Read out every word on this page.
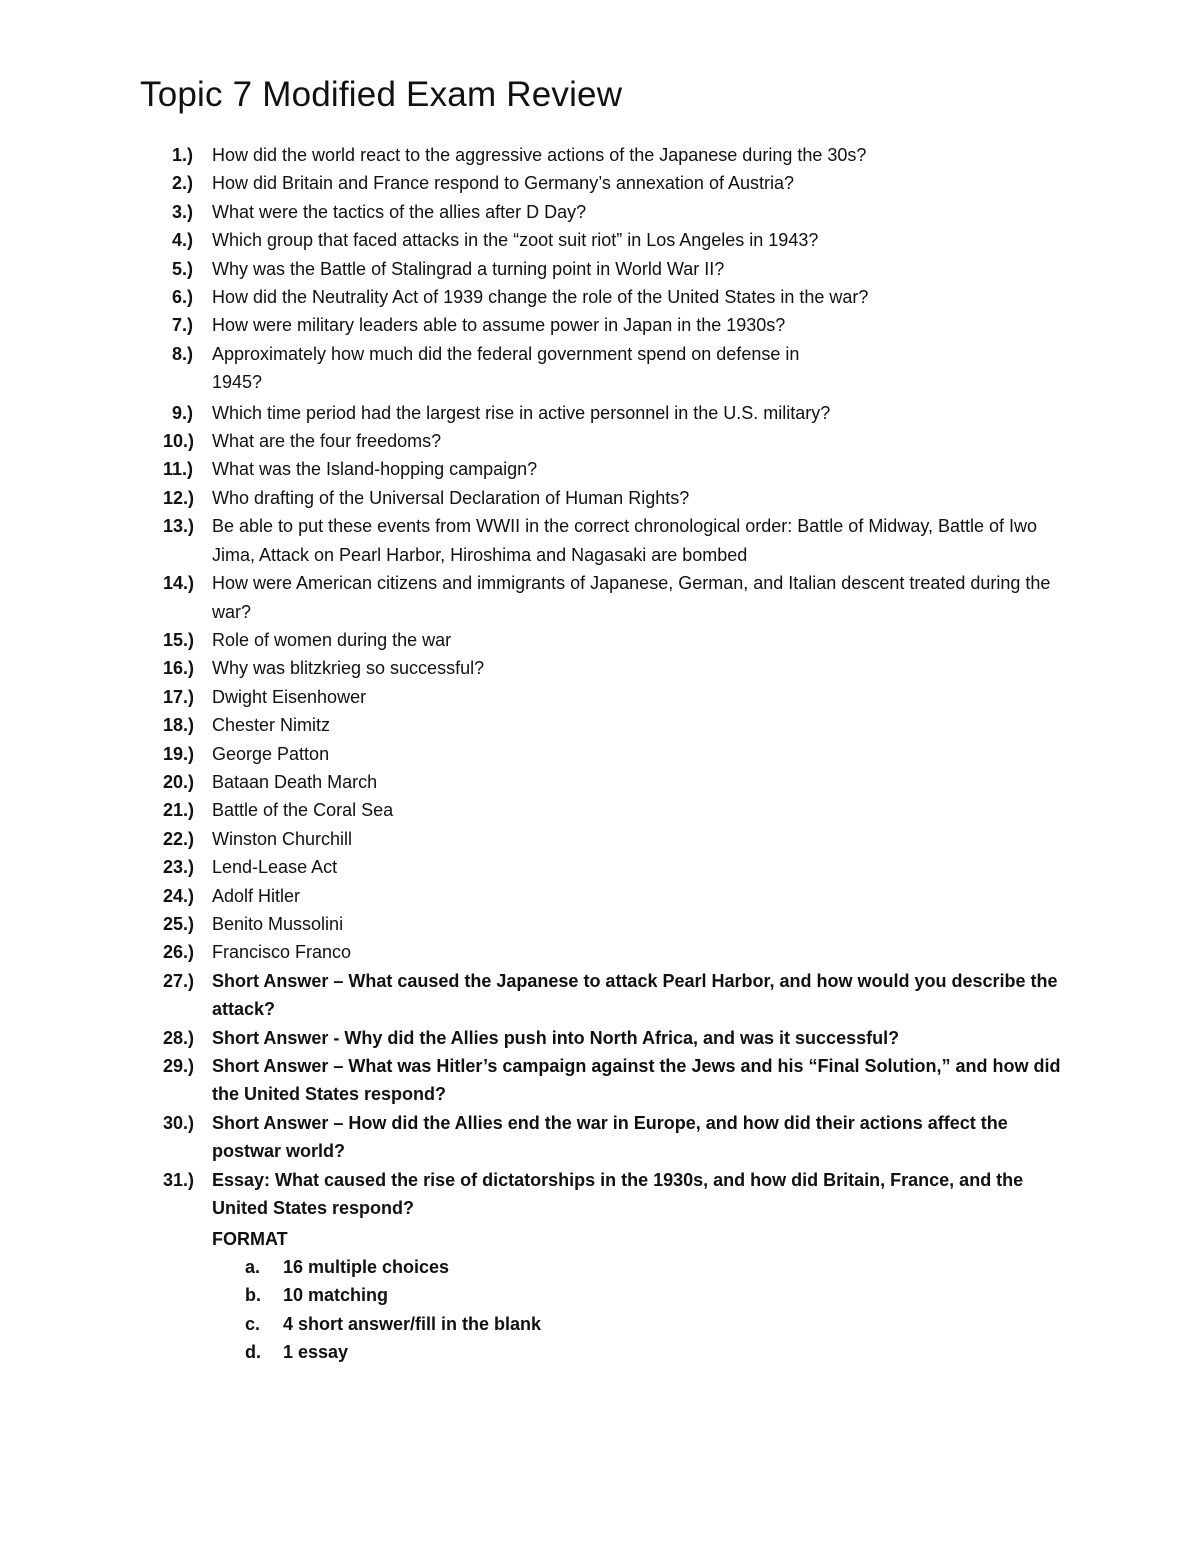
Topic 7 Modified Exam Review
1.) How did the world react to the aggressive actions of the Japanese during the 30s?
2.) How did Britain and France respond to Germany’s annexation of Austria?
3.) What were the tactics of the allies after D Day?
4.) Which group that faced attacks in the “zoot suit riot” in Los Angeles in 1943?
5.) Why was the Battle of Stalingrad a turning point in World War II?
6.) How did the Neutrality Act of 1939 change the role of the United States in the war?
7.) How were military leaders able to assume power in Japan in the 1930s?
8.) Approximately how much did the federal government spend on defense in 1945?
9.) Which time period had the largest rise in active personnel in the U.S. military?
10.) What are the four freedoms?
11.) What was the Island-hopping campaign?
12.) Who drafting of the Universal Declaration of Human Rights?
13.) Be able to put these events from WWII in the correct chronological order: Battle of Midway, Battle of Iwo Jima, Attack on Pearl Harbor, Hiroshima and Nagasaki are bombed
14.) How were American citizens and immigrants of Japanese, German, and Italian descent treated during the war?
15.) Role of women during the war
16.) Why was blitzkrieg so successful?
17.) Dwight Eisenhower
18.) Chester Nimitz
19.) George Patton
20.) Bataan Death March
21.) Battle of the Coral Sea
22.) Winston Churchill
23.) Lend-Lease Act
24.) Adolf Hitler
25.) Benito Mussolini
26.) Francisco Franco
27.) Short Answer – What caused the Japanese to attack Pearl Harbor, and how would you describe the attack?
28.) Short Answer - Why did the Allies push into North Africa, and was it successful?
29.) Short Answer – What was Hitler’s campaign against the Jews and his “Final Solution,” and how did the United States respond?
30.) Short Answer – How did the Allies end the war in Europe, and how did their actions affect the postwar world?
31.) Essay: What caused the rise of dictatorships in the 1930s, and how did Britain, France, and the United States respond?
FORMAT
a. 16 multiple choices
b. 10 matching
c. 4 short answer/fill in the blank
d. 1 essay
